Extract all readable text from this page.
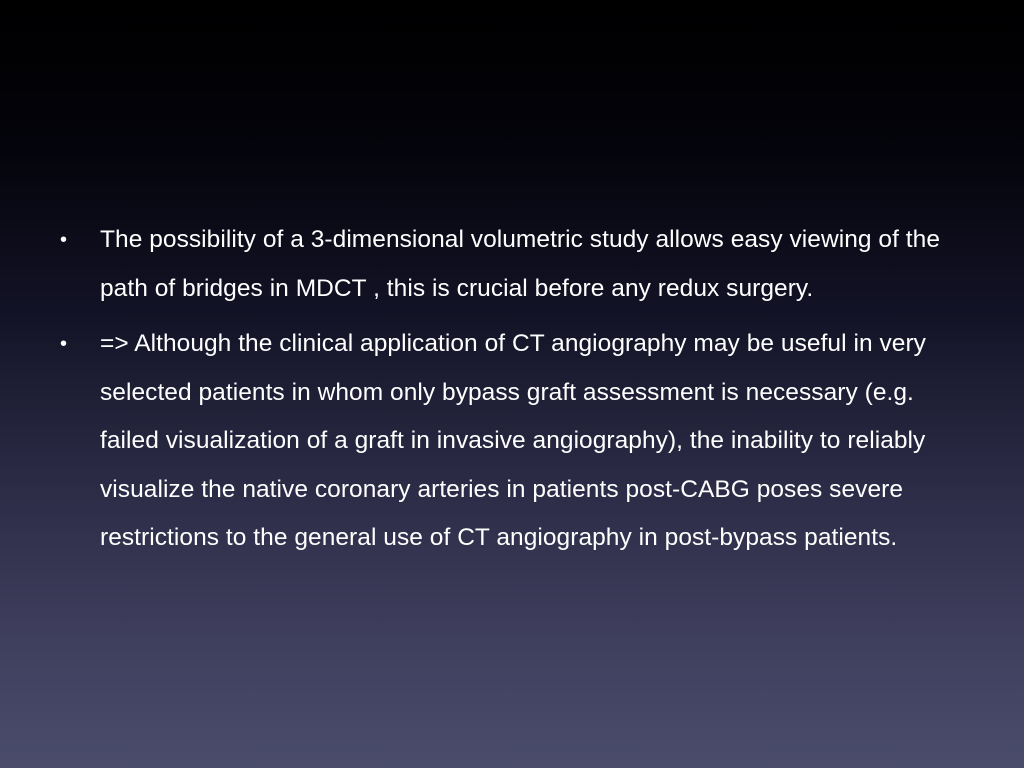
• The possibility of a 3-dimensional volumetric study allows easy viewing of the path of bridges in MDCT , this is crucial before any redux surgery.
• => Although the clinical application of CT angiography may be useful in very selected patients in whom only bypass graft assessment is necessary (e.g. failed visualization of a graft in invasive angiography), the inability to reliably visualize the native coronary arteries in patients post-CABG poses severe restrictions to the general use of CT angiography in post-bypass patients.
